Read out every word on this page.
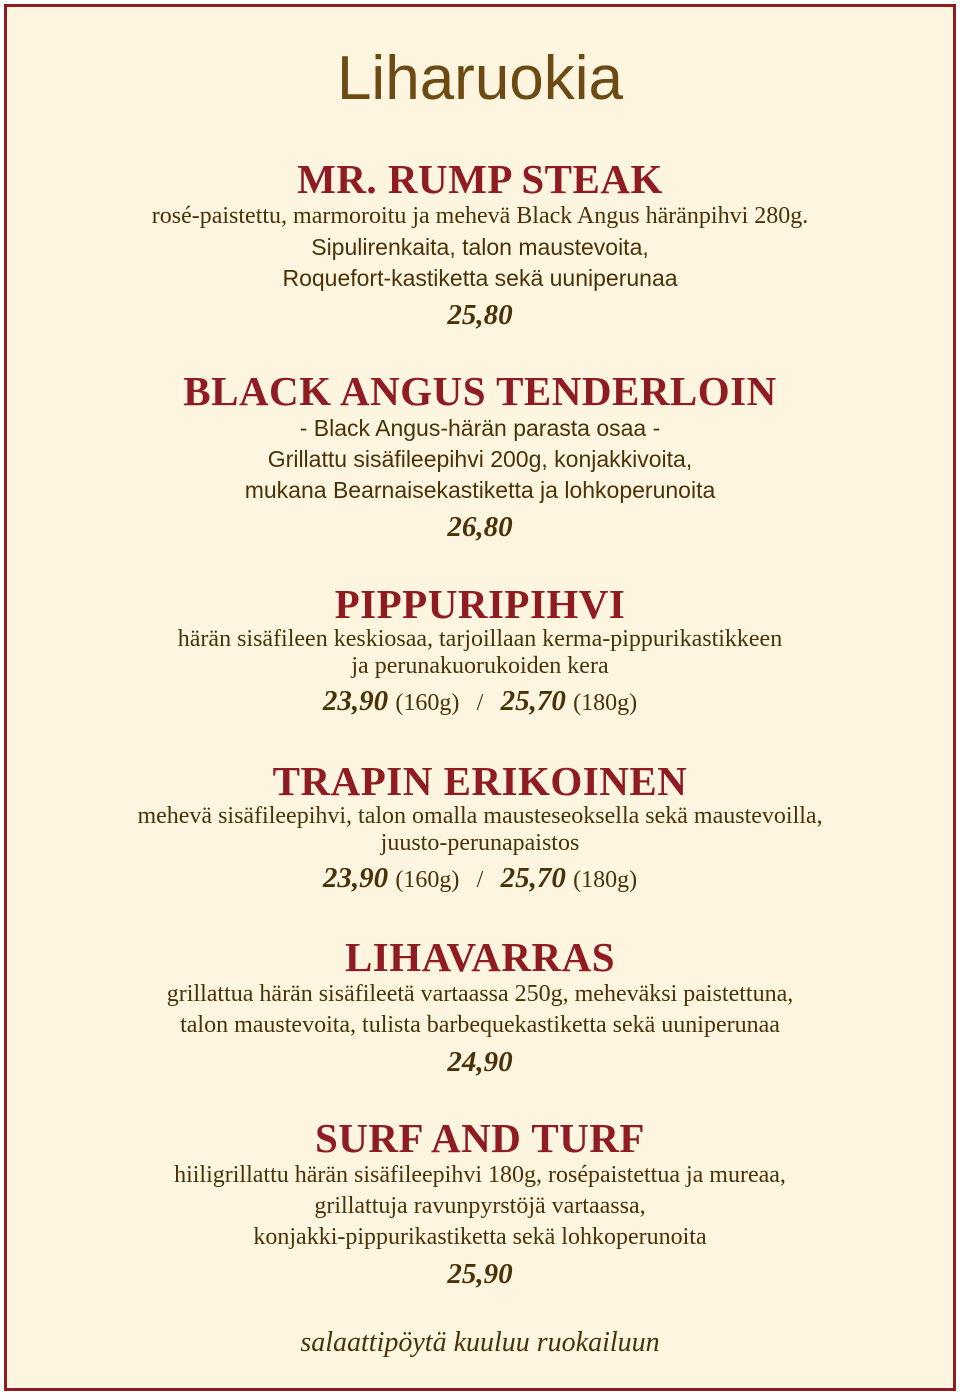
Liharuokia
MR. RUMP STEAK
rosé-paistettu, marmoroitu ja mehevä Black Angus häränpihvi 280g.
Sipulirenkaita, talon maustevoita,
Roquefort-kastiketta sekä uuniperunaa
25,80
BLACK ANGUS TENDERLOIN
- Black Angus-härän parasta osaa -
Grillattu sisäfileepihvi 200g, konjakkivoita,
mukana Bearnaisekastiketta ja lohkoperunoita
26,80
PIPPURIPIHVI
härän sisäfileen keskiosaa, tarjoillaan kerma-pippurikastikkeen
ja perunakuorukoiden kera
23,90 (160g) / 25,70 (180g)
TRAPIN ERIKOINEN
mehevä sisäfileepihvi, talon omalla mausteseoksella sekä maustevoilla,
juusto-perunapaistos
23,90 (160g) / 25,70 (180g)
LIHAVARRAS
grillattua härän sisäfileetä vartaassa 250g, meheväksi paistettuna,
talon maustevoita, tulista barbequekastiketta sekä uuniperunaa
24,90
SURF AND TURF
hiiligrillattu härän sisäfileepihvi 180g, rosépaistettua ja mureaa,
grillattuja ravunpyrstöjä vartaassa,
konjakki-pippurikastiketta sekä lohkoperunoita
25,90
salaattipöytä kuuluu ruokailuun
